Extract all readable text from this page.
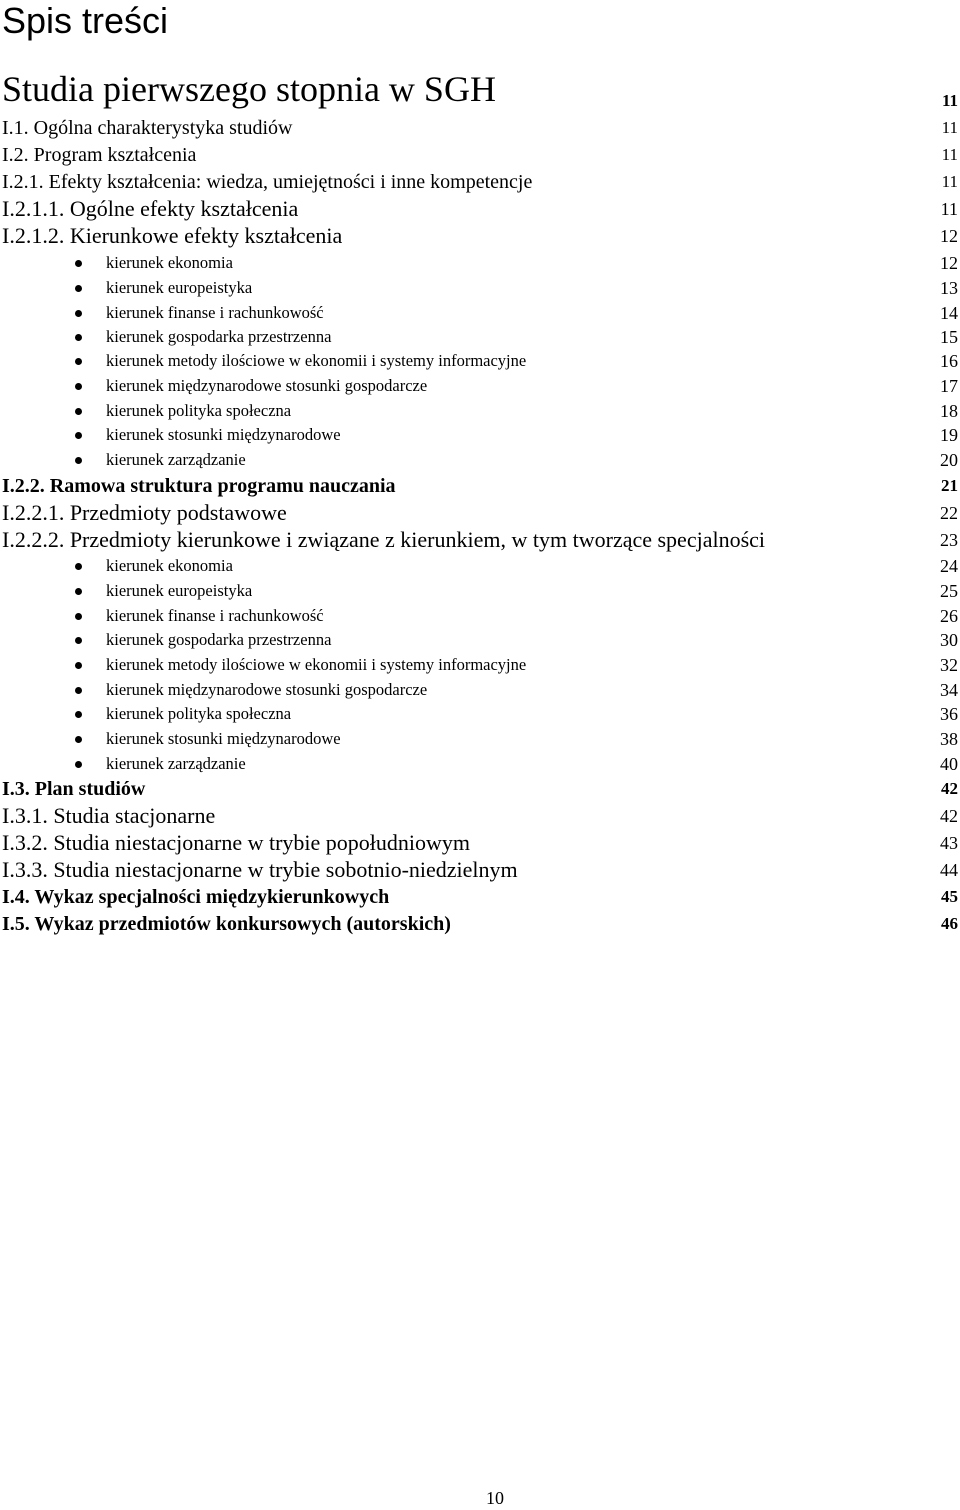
Spis treści
Studia pierwszego stopnia w SGH	11
I.1. Ogólna charakterystyka studiów	11
I.2. Program kształcenia	11
I.2.1. Efekty kształcenia: wiedza, umiejętności i inne kompetencje	11
I.2.1.1. Ogólne efekty kształcenia	11
I.2.1.2. Kierunkowe efekty kształcenia	12
kierunek ekonomia	12
kierunek europeistyka	13
kierunek finanse i rachunkowość	14
kierunek gospodarka przestrzenna	15
kierunek metody ilościowe w ekonomii i systemy informacyjne	16
kierunek międzynarodowe stosunki gospodarcze	17
kierunek polityka społeczna	18
kierunek stosunki międzynarodowe	19
kierunek zarządzanie	20
I.2.2. Ramowa struktura programu nauczania	21
I.2.2.1. Przedmioty podstawowe	22
I.2.2.2. Przedmioty kierunkowe i związane z kierunkiem, w tym tworzące specjalności	23
kierunek ekonomia	24
kierunek europeistyka	25
kierunek finanse i rachunkowość	26
kierunek gospodarka przestrzenna	30
kierunek metody ilościowe w ekonomii i systemy informacyjne	32
kierunek międzynarodowe stosunki gospodarcze	34
kierunek polityka społeczna	36
kierunek stosunki międzynarodowe	38
kierunek zarządzanie	40
I.3. Plan studiów	42
I.3.1. Studia stacjonarne	42
I.3.2. Studia niestacjonarne w trybie popołudniowym	43
I.3.3. Studia niestacjonarne w trybie sobotnio-niedzielnym	44
I.4. Wykaz specjalności międzykierunkowych	45
I.5. Wykaz przedmiotów konkursowych (autorskich)	46
10
